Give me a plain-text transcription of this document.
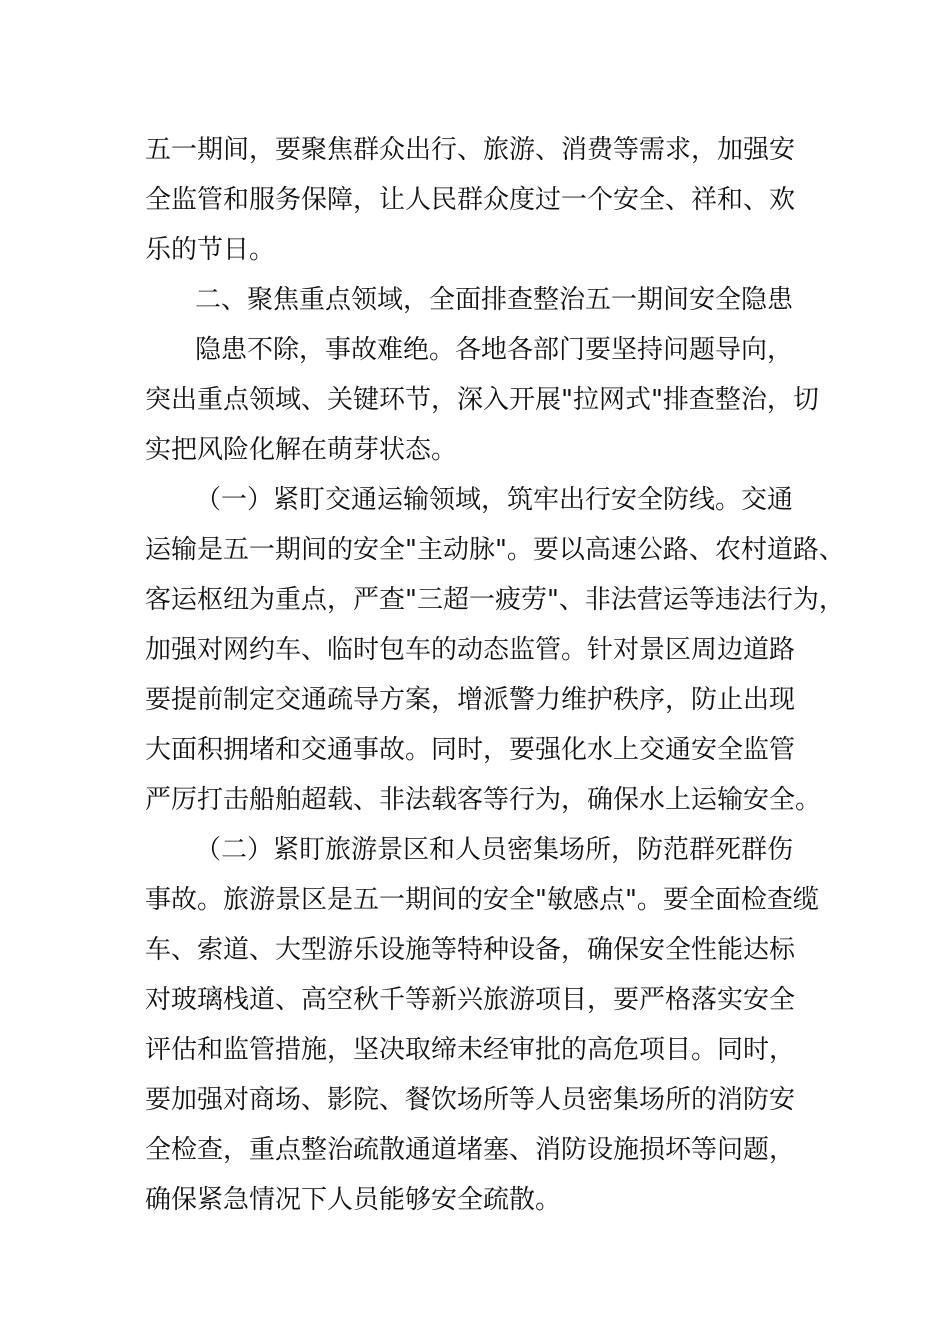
五一期间，要聚焦群众出行、旅游、消费等需求，加强安
全监管和服务保障，让人民群众度过一个安全、祥和、欢
乐的节日。
二、聚焦重点领域，全面排查整治五一期间安全隐患
隐患不除，事故难绝。各地各部门要坚持问题导向，
突出重点领域、关键环节，深入开展"拉网式"排查整治，切
实把风险化解在萌芽状态。
（一）紧盯交通运输领域，筑牢出行安全防线。交通
运输是五一期间的安全"主动脉"。要以高速公路、农村道路、
客运枢纽为重点，严查"三超一疲劳"、非法营运等违法行为，
加强对网约车、临时包车的动态监管。针对景区周边道路
要提前制定交通疏导方案，增派警力维护秩序，防止出现
大面积拥堵和交通事故。同时，要强化水上交通安全监管
严厉打击船舶超载、非法载客等行为，确保水上运输安全。
（二）紧盯旅游景区和人员密集场所，防范群死群伤
事故。旅游景区是五一期间的安全"敏感点"。要全面检查缆
车、索道、大型游乐设施等特种设备，确保安全性能达标
对玻璃栈道、高空秋千等新兴旅游项目，要严格落实安全
评估和监管措施，坚决取缔未经审批的高危项目。同时，
要加强对商场、影院、餐饮场所等人员密集场所的消防安
全检查，重点整治疏散通道堵塞、消防设施损坏等问题，
确保紧急情况下人员能够安全疏散。
